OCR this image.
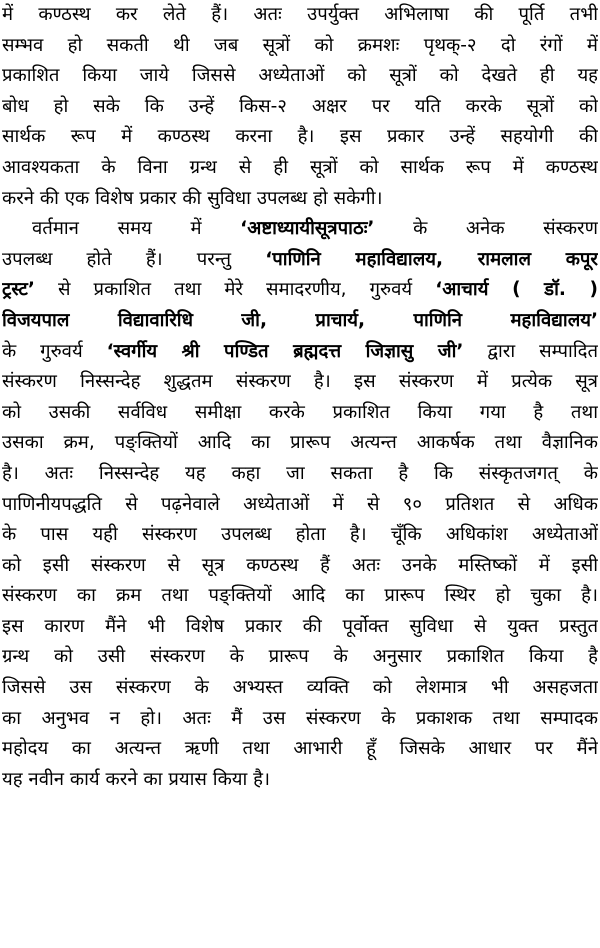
में कण्ठस्थ कर लेते हैं। अतः उपर्युक्त अभिलाषा की पूर्ति तभी
सम्भव हो सकती थी जब सूत्रों को क्रमशः पृथक्-२ दो रंगों में
प्रकाशित किया जाये जिससे अध्येताओं को सूत्रों को देखते ही यह
बोध हो सके कि उन्हें किस-२ अक्षर पर यति करके सूत्रों को
सार्थक रूप में कण्ठस्थ करना है। इस प्रकार उन्हें सहयोगी की
आवश्यकता के विना ग्रन्थ से ही सूत्रों को सार्थक रूप में कण्ठस्थ
करने की एक विशेष प्रकार की सुविधा उपलब्ध हो सकेगी।
वर्तमान समय में ‘अष्टाध्यायीसूत्रपाठः’ के अनेक संस्करण
उपलब्ध होते हैं। परन्तु ‘पाणिनि महाविद्यालय, रामलाल कपूर
ट्रस्ट’ से प्रकाशित तथा मेरे समादरणीय, गुरुवर्य ‘आचार्य ( डॉ. )
विजयपाल विद्यावारिधि जी, प्राचार्य, पाणिनि महाविद्यालय’
के गुरुवर्य ‘स्वर्गीय श्री पण्डित ब्रह्मदत्त जिज्ञासु जी’ द्वारा सम्पादित
संस्करण निस्सन्देह शुद्धतम संस्करण है। इस संस्करण में प्रत्येक सूत्र
को उसकी सर्वविध समीक्षा करके प्रकाशित किया गया है तथा
उसका क्रम, पङ्क्तियों आदि का प्रारूप अत्यन्त आकर्षक तथा वैज्ञानिक
है। अतः निस्सन्देह यह कहा जा सकता है कि संस्कृतजगत् के
पाणिनीयपद्धति से पढ़नेवाले अध्येताओं में से ९० प्रतिशत से अधिक
के पास यही संस्करण उपलब्ध होता है। चूँकि अधिकांश अध्येताओं
को इसी संस्करण से सूत्र कण्ठस्थ हैं अतः उनके मस्तिष्कों में इसी
संस्करण का क्रम तथा पङ्क्तियों आदि का प्रारूप स्थिर हो चुका है।
इस कारण मैंने भी विशेष प्रकार की पूर्वोक्त सुविधा से युक्त प्रस्तुत
ग्रन्थ को उसी संस्करण के प्रारूप के अनुसार प्रकाशित किया है
जिससे उस संस्करण के अभ्यस्त व्यक्ति को लेशमात्र भी असहजता
का अनुभव न हो। अतः मैं उस संस्करण के प्रकाशक तथा सम्पादक
महोदय का अत्यन्त ऋणी तथा आभारी हूँ जिसके आधार पर मैंने
यह नवीन कार्य करने का प्रयास किया है।
